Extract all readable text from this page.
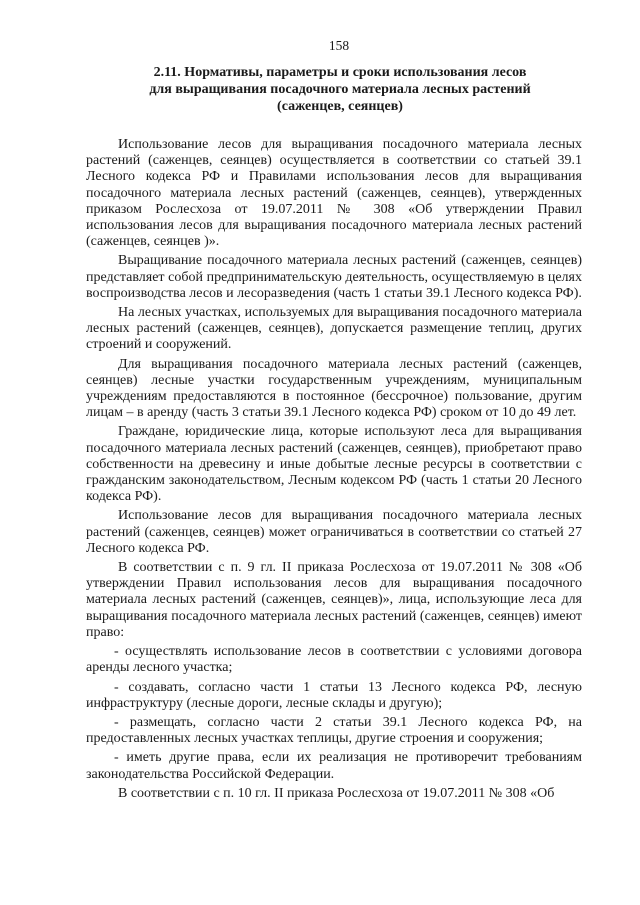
158
2.11. Нормативы, параметры и сроки использования лесов
для выращивания посадочного материала лесных растений
(саженцев, сеянцев)

Использование лесов для выращивания посадочного материала лесных растений (саженцев, сеянцев) осуществляется в соответствии со статьей 39.1 Лесного кодекса РФ и Правилами использования лесов для выращивания посадочного материала лесных растений (саженцев, сеянцев), утвержденных приказом Рослесхоза от 19.07.2011 № 308 «Об утверждении Правил использования лесов для выращивания посадочного материала лесных растений (саженцев, сеянцев )».

Выращивание посадочного материала лесных растений (саженцев, сеянцев) представляет собой предпринимательскую деятельность, осуществляемую в целях воспроизводства лесов и лесоразведения (часть 1 статьи 39.1 Лесного кодекса РФ).

На лесных участках, используемых для выращивания посадочного материала лесных растений (саженцев, сеянцев), допускается размещение теплиц, других строений и сооружений.

Для выращивания посадочного материала лесных растений (саженцев, сеянцев) лесные участки государственным учреждениям, муниципальным учреждениям предоставляются в постоянное (бессрочное) пользование, другим лицам – в аренду (часть 3 статьи 39.1 Лесного кодекса РФ) сроком от 10 до 49 лет.

Граждане, юридические лица, которые используют леса для выращивания посадочного материала лесных растений (саженцев, сеянцев), приобретают право собственности на древесину и иные добытые лесные ресурсы в соответствии с гражданским законодательством, Лесным кодексом РФ (часть 1 статьи 20 Лесного кодекса РФ).

Использование лесов для выращивания посадочного материала лесных растений (саженцев, сеянцев) может ограничиваться в соответствии со статьей 27 Лесного кодекса РФ.

В соответствии с п. 9 гл. II приказа Рослесхоза от 19.07.2011 № 308 «Об утверждении Правил использования лесов для выращивания посадочного материала лесных растений (саженцев, сеянцев)», лица, использующие леса для выращивания посадочного материала лесных растений (саженцев, сеянцев) имеют право:

- осуществлять использование лесов в соответствии с условиями договора аренды лесного участка;

- создавать, согласно части 1 статьи 13 Лесного кодекса РФ, лесную инфраструктуру (лесные дороги, лесные склады и другую);

- размещать, согласно части 2 статьи 39.1 Лесного кодекса РФ, на предоставленных лесных участках теплицы, другие строения и сооружения;

- иметь другие права, если их реализация не противоречит требованиям законодательства Российской Федерации.

В соответствии с п. 10 гл. II приказа Рослесхоза от 19.07.2011 № 308 «Об
